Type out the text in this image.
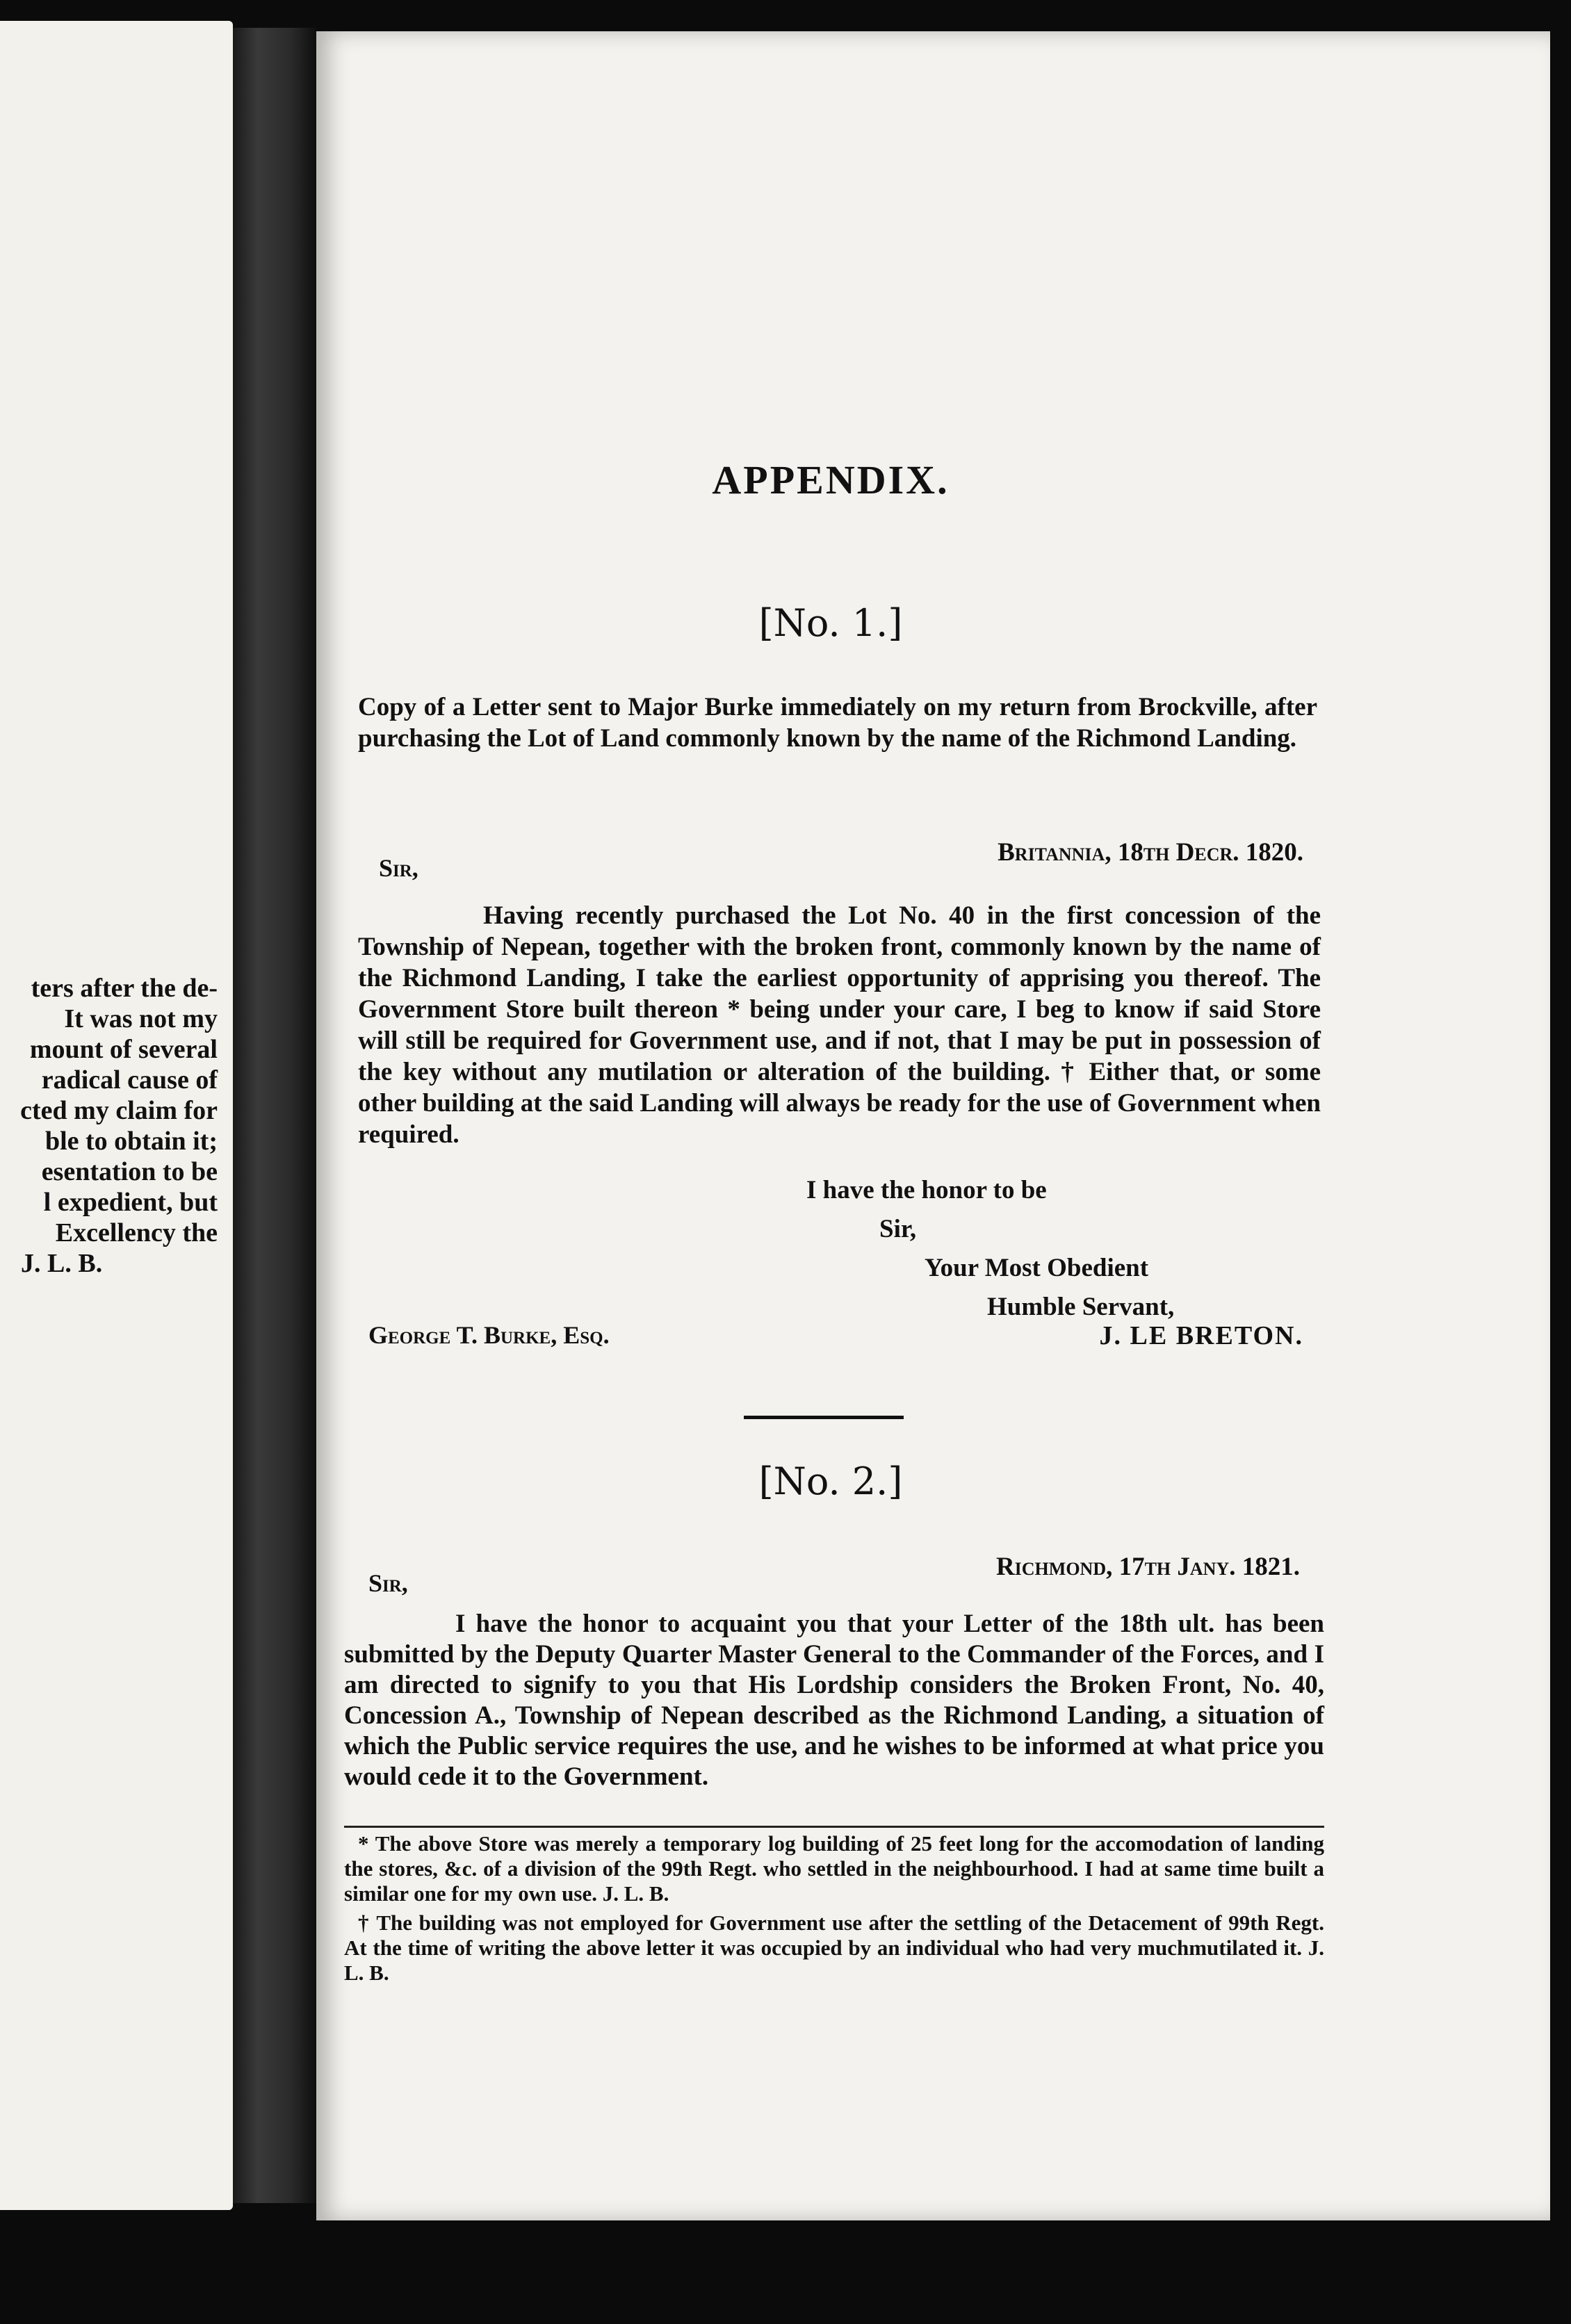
ters after the de-
It was not my
mount of several
radical cause of
cted my claim for
ble to obtain it;
esentation to be
l expedient, but
Excellency the
J. L. B.
APPENDIX.
[No. 1.]
Copy of a Letter sent to Major Burke immediately on my return from Brockville, after purchasing the Lot of Land commonly known by the name of the Richmond Landing.
Britannia, 18th Decr. 1820.
Sir,
Having recently purchased the Lot No. 40 in the first concession of the Township of Nepean, together with the broken front, commonly known by the name of the Richmond Landing, I take the earliest opportunity of apprising you thereof. The Government Store built thereon * being under your care, I beg to know if said Store will still be required for Government use, and if not, that I may be put in possession of the key without any mutilation or alteration of the building. † Either that, or some other building at the said Landing will always be ready for the use of Government when required.
I have the honor to be
Sir,
Your Most Obedient
Humble Servant,
George T. Burke, Esq.	J. LE BRETON.
[No. 2.]
Richmond, 17th Jany. 1821.
Sir,
I have the honor to acquaint you that your Letter of the 18th ult. has been submitted by the Deputy Quarter Master General to the Commander of the Forces, and I am directed to signify to you that His Lordship considers the Broken Front, No. 40, Concession A., Township of Nepean described as the Richmond Landing, a situation of which the Public service requires the use, and he wishes to be informed at what price you would cede it to the Government.

* The above Store was merely a temporary log building of 25 feet long for the accomodation of landing the stores, &c. of a division of the 99th Regt. who settled in the neighbourhood. I had at same time built a similar one for my own use. J. L. B.

† The building was not employed for Government use after the settling of the Detacement of 99th Regt. At the time of writing the above letter it was occupied by an individual who had very muchmutilated it. J. L. B.
